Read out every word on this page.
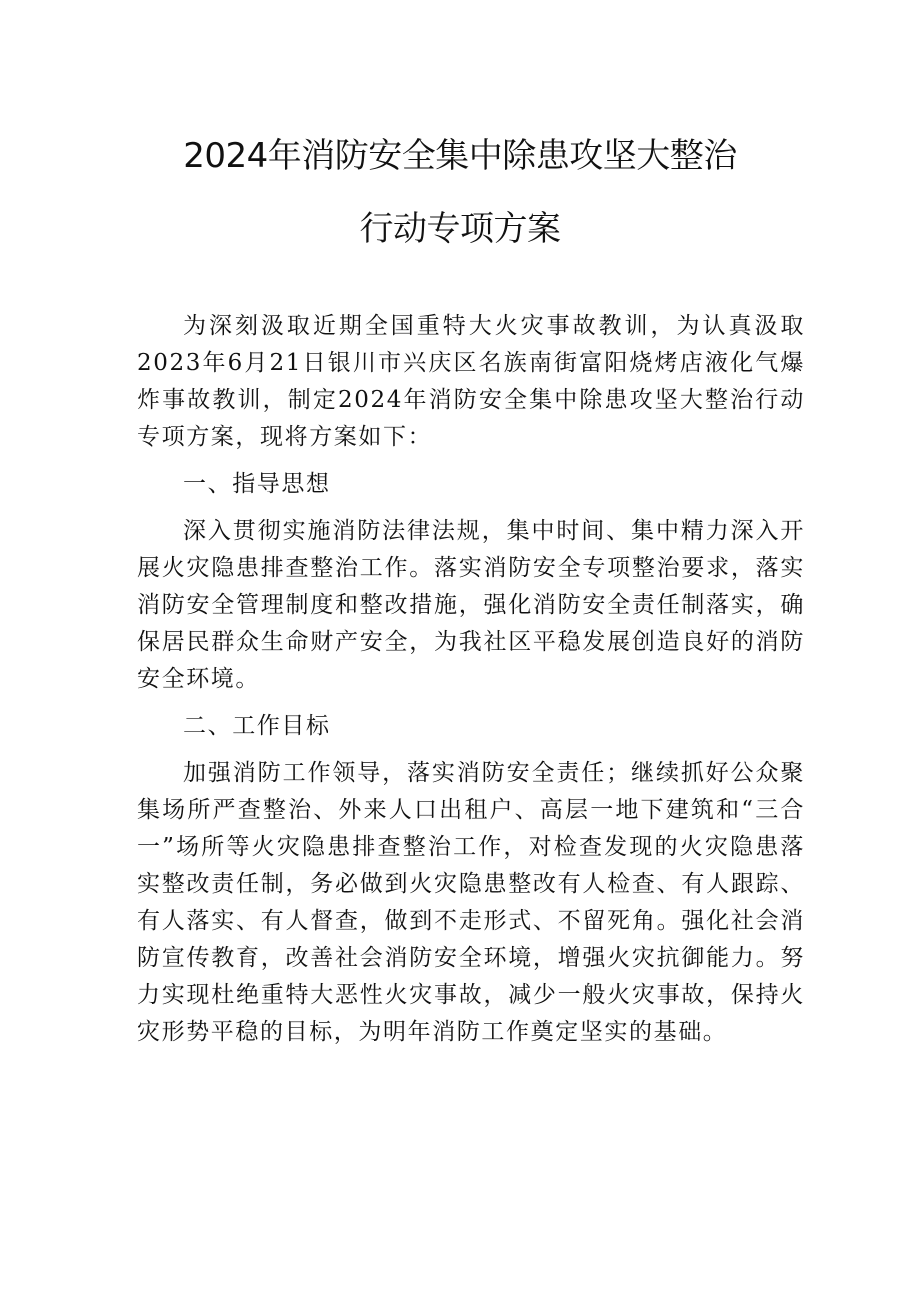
2024年消防安全集中除患攻坚大整治
行动专项方案

为深刻汲取近期全国重特大火灾事故教训，为认真汲取2023年6月21日银川市兴庆区名族南街富阳烧烤店液化气爆炸事故教训，制定2024年消防安全集中除患攻坚大整治行动专项方案，现将方案如下：

一、指导思想

深入贯彻实施消防法律法规，集中时间、集中精力深入开展火灾隐患排查整治工作。落实消防安全专项整治要求，落实消防安全管理制度和整改措施，强化消防安全责任制落实，确保居民群众生命财产安全，为我社区平稳发展创造良好的消防安全环境。

二、工作目标

加强消防工作领导，落实消防安全责任；继续抓好公众聚集场所严查整治、外来人口出租户、高层一地下建筑和“三合一”场所等火灾隐患排查整治工作，对检查发现的火灾隐患落实整改责任制，务必做到火灾隐患整改有人检查、有人跟踪、有人落实、有人督查，做到不走形式、不留死角。强化社会消防宣传教育，改善社会消防安全环境，增强火灾抗御能力。努力实现杜绝重特大恶性火灾事故，减少一般火灾事故，保持火灾形势平稳的目标，为明年消防工作奠定坚实的基础。
